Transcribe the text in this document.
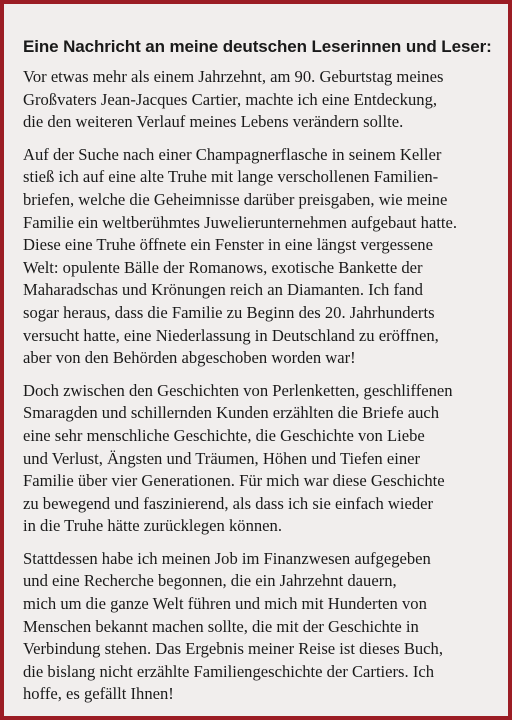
Eine Nachricht an meine deutschen Leserinnen und Leser:
Vor etwas mehr als einem Jahrzehnt, am 90. Geburtstag meines
Großvaters Jean-Jacques Cartier, machte ich eine Entdeckung,
die den weiteren Verlauf meines Lebens verändern sollte.
Auf der Suche nach einer Champagnerflasche in seinem Keller
stieß ich auf eine alte Truhe mit lange verschollenen Familien-
briefen, welche die Geheimnisse darüber preisgaben, wie meine
Familie ein weltberühmtes Juwelierunternehmen aufgebaut hatte.
Diese eine Truhe öffnete ein Fenster in eine längst vergessene
Welt: opulente Bälle der Romanows, exotische Bankette der
Maharadschas und Krönungen reich an Diamanten. Ich fand
sogar heraus, dass die Familie zu Beginn des 20. Jahrhunderts
versucht hatte, eine Niederlassung in Deutschland zu eröffnen,
aber von den Behörden abgeschoben worden war!
Doch zwischen den Geschichten von Perlenketten, geschliffenen
Smaragden und schillernden Kunden erzählten die Briefe auch
eine sehr menschliche Geschichte, die Geschichte von Liebe
und Verlust, Ängsten und Träumen, Höhen und Tiefen einer
Familie über vier Generationen. Für mich war diese Geschichte
zu bewegend und faszinierend, als dass ich sie einfach wieder
in die Truhe hätte zurücklegen können.
Stattdessen habe ich meinen Job im Finanzwesen aufgegeben
und eine Recherche begonnen, die ein Jahrzehnt dauern,
mich um die ganze Welt führen und mich mit Hunderten von
Menschen bekannt machen sollte, die mit der Geschichte in
Verbindung stehen. Das Ergebnis meiner Reise ist dieses Buch,
die bislang nicht erzählte Familiengeschichte der Cartiers. Ich
hoffe, es gefällt Ihnen!
